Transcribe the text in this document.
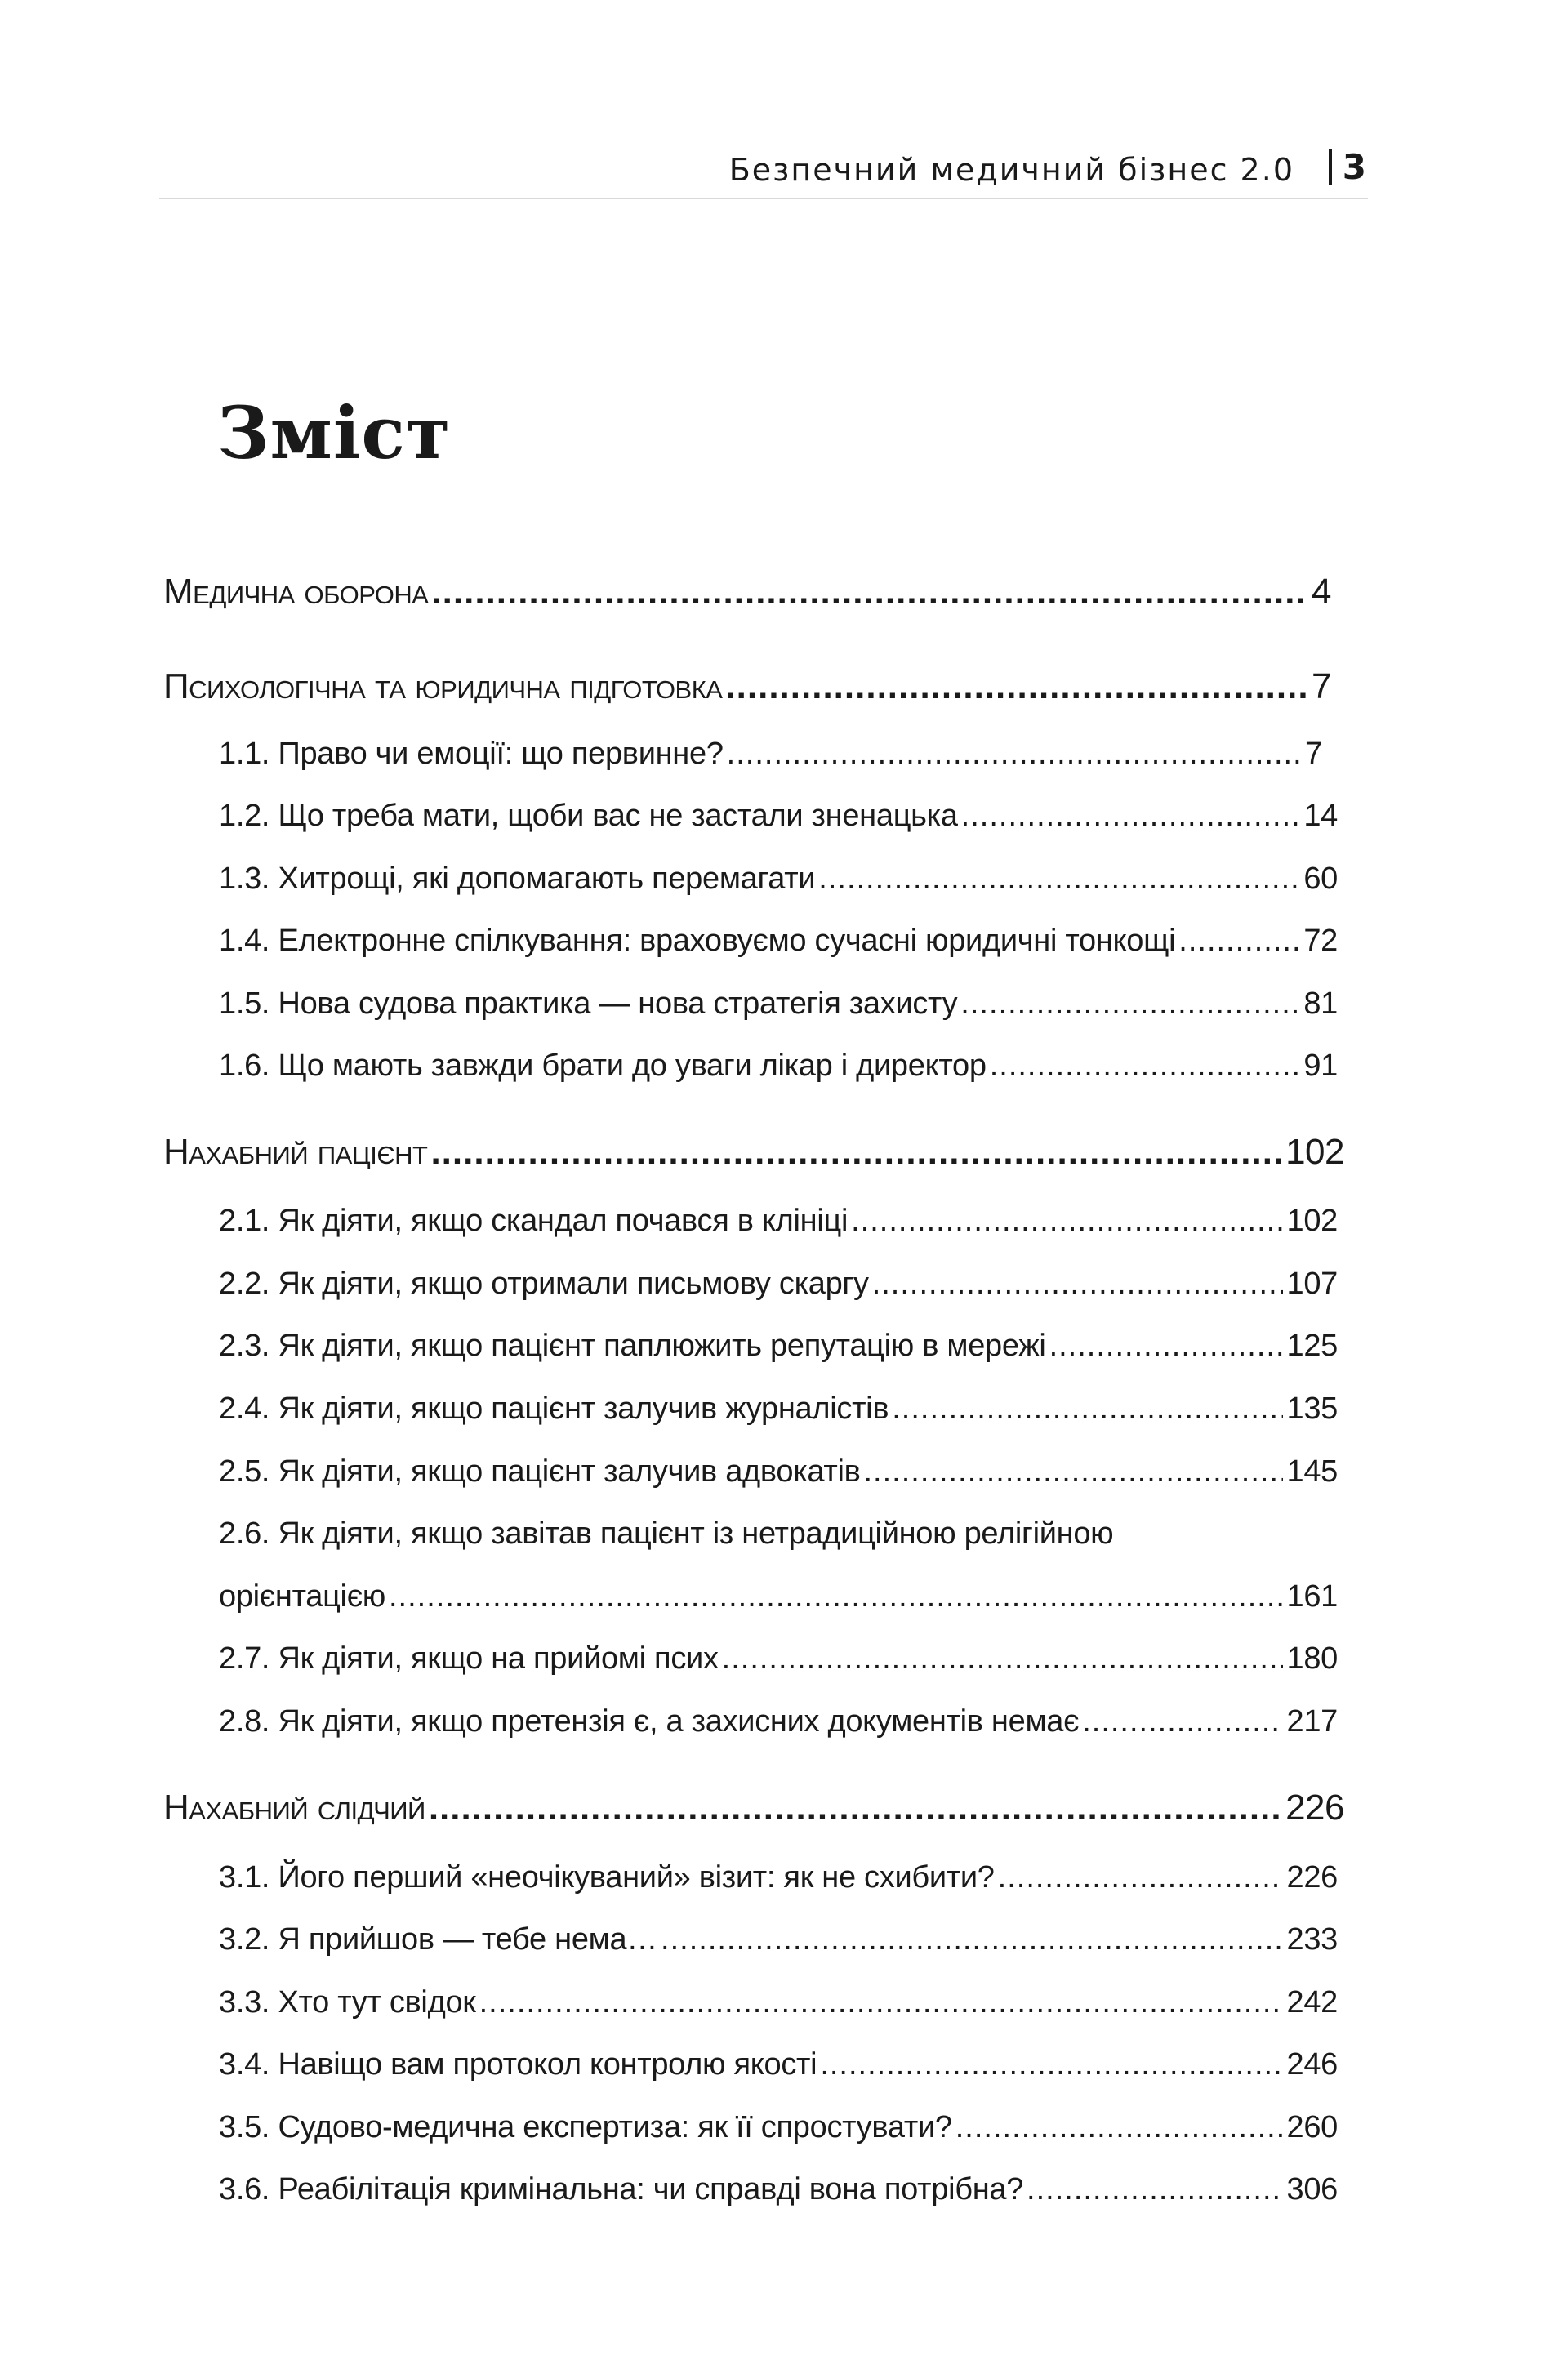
Безпечний медичний бізнес 2.0 3
Зміст
Медична оборона .....	4
Психологічна та юридична підготовка .....	7
1.1. Право чи емоції: що первинне? .....	7
1.2. Що треба мати, щоби вас не застали зненацька .....	14
1.3. Хитрощі, які допомагають перемагати .....	60
1.4. Електронне спілкування: враховуємо сучасні юридичні тонкощі .....	72
1.5. Нова судова практика — нова стратегія захисту .....	81
1.6. Що мають завжди брати до уваги лікар і директор .....	91
Нахабний пацієнт .....	102
2.1. Як діяти, якщо скандал почався в клініці .....	102
2.2. Як діяти, якщо отримали письмову скаргу .....	107
2.3. Як діяти, якщо пацієнт паплюжить репутацію в мережі .....	125
2.4. Як діяти, якщо пацієнт залучив журналістів .....	135
2.5. Як діяти, якщо пацієнт залучив адвокатів .....	145
2.6. Як діяти, якщо завітав пацієнт із нетрадиційною релігійною
орієнтацією .....	161
2.7. Як діяти, якщо на прийомі псих .....	180
2.8. Як діяти, якщо претензія є, а захисних документів немає .....	217
Нахабний слідчий .....	226
3.1. Його перший «неочікуваний» візит: як не схибити? .....	226
3.2. Я прийшов — тебе нема… .....	233
3.3. Хто тут свідок .....	242
3.4. Навіщо вам протокол контролю якості .....	246
3.5. Судово-медична експертиза: як її спростувати? .....	260
3.6. Реабілітація кримінальна: чи справді вона потрібна? .....	306
